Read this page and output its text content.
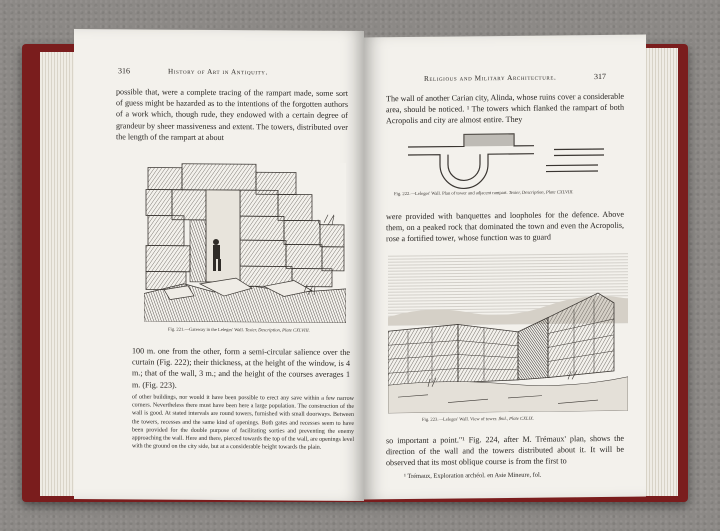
316	History of Art in Antiquity.
possible that, were a complete tracing of the rampart made, some sort of guess might be hazarded as to the intentions of the forgotten authors of a work which, though rude, they endowed with a certain degree of grandeur by sheer massiveness and extent. The towers, distributed over the length of the rampart at about
Fig. 221.—Gateway in the Leleges' Wall. Texier, Description, Plate CXLVIII.
100 m. one from the other, form a semi-circular salience over the curtain (Fig. 222); their thickness, at the height of the window, is 4 m.; that of the wall, 3 m.; and the height of the courses averages 1 m. (Fig. 223).
of other buildings, nor would it have been possible to erect any save within a few narrow corners. Nevertheless there must have been here a large population. The construction of the wall is good. At stated intervals are round towers, furnished with small doorways. Between the towers, recesses and the same kind of openings. Both gates and recesses seem to have been provided for the double purpose of facilitating sorties and preventing the enemy approaching the wall. Here and there, pierced towards the top of the wall, are openings level with the ground on the city side, but at a considerable height towards the plain.
Religious and Military Architecture.	317
The wall of another Carian city, Alinda, whose ruins cover a considerable area, should be noticed. ¹ The towers which flanked the rampart of both Acropolis and city are almost entire. They
Fig. 222.—Leleges' Wall. Plan of tower and adjacent rampart. Texier, Description, Plate CXLVIII.
were provided with banquettes and loopholes for the defence. Above them, on a peaked rock that dominated the town and even the Acropolis, rose a fortified tower, whose function was to guard
Fig. 223.—Leleges' Wall. View of tower. Ibid., Plate CXLIX.
so important a point."¹ Fig. 224, after M. Trémaux' plan, shows the direction of the wall and the towers distributed about it. It will be observed that its most oblique course is from the first to
¹ Trémaux, Exploration archéol. en Asie Mineure, fol.
